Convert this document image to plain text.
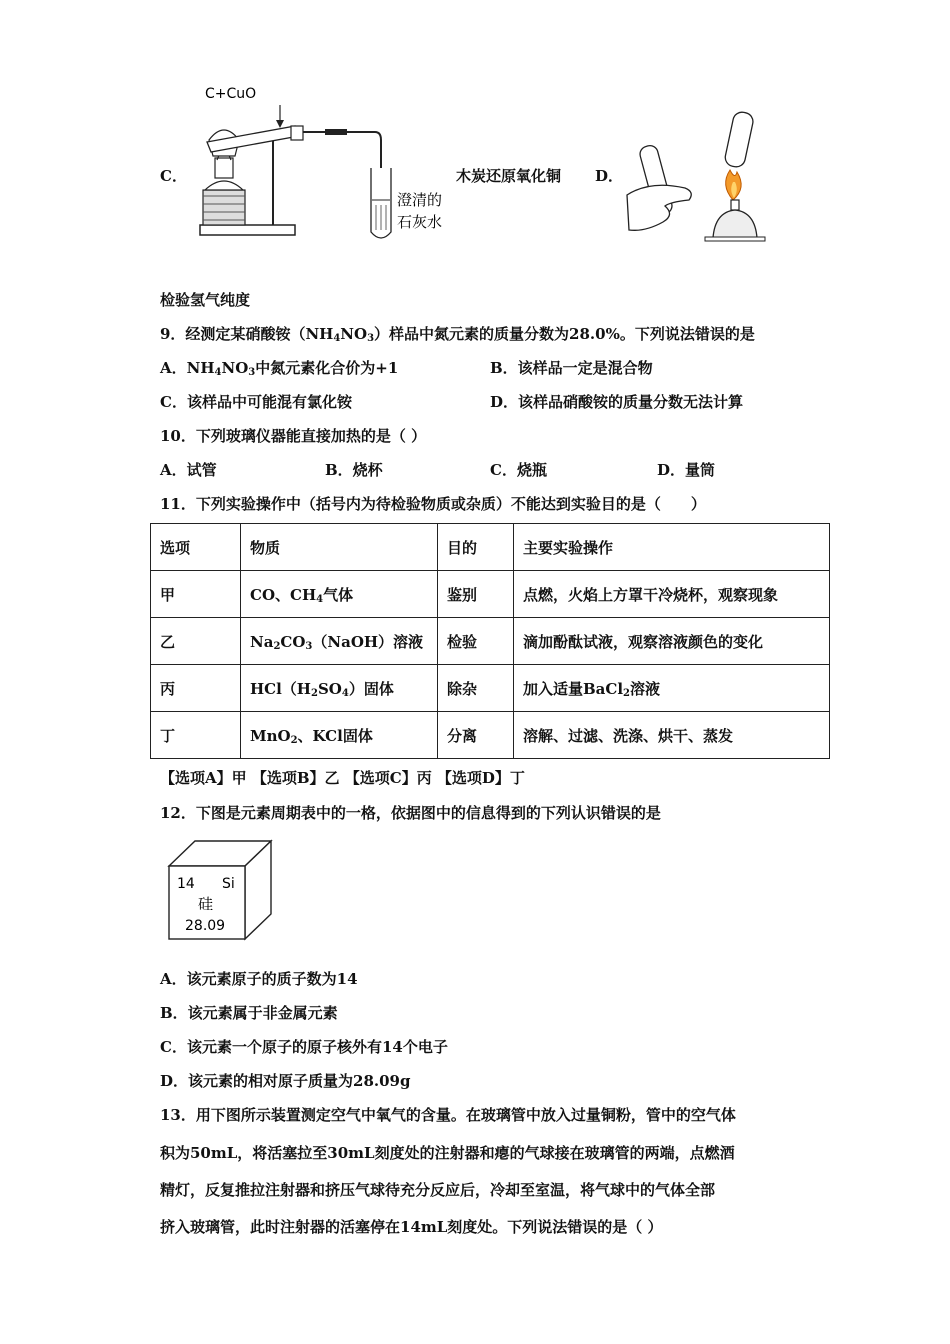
C．
C+CuO
澄清的
石灰水
木炭还原氧化铜 D．
检验氢气纯度
9．经测定某硝酸铵$(NH_4NO_3)$样品中氮元素的质量分数为28.0%。下列说法错误的是
A．$NH_4NO_3$中氮元素化合价为+1	B．该样品一定是混合物
C．该样品中可能混有氯化铵	D．该样品硝酸铵的质量分数无法计算
10．下列玻璃仪器能直接加热的是（ ）
A．试管	B．烧杯	C．烧瓶	D．量筒
11．下列实验操作中（括号内为待检验物质或杂质）不能达到实验目的是（　　）
选项	物质	目的	主要实验操作
甲	CO、$CH_4$气体	鉴别	点燃，火焰上方罩干冷烧杯，观察现象
乙	$Na_2CO_3(NaOH)$溶液	检验	滴加酚酞试液，观察溶液颜色的变化
丙	$HCl(H_2SO_4)$固体	除杂	加入适量BaCl$_2$溶液
丁	MnO$_2$、KCl固体	分离	溶解、过滤、洗涤、烘干、蒸发
【选项A】甲 【选项B】乙 【选项C】丙 【选项D】丁
12．下图是元素周期表中的一格，依据图中的信息得到的下列认识错误的是
14 Si
硅
28.09
A．该元素原子的质子数为14
B．该元素属于非金属元素
C．该元素一个原子的原子核外有14个电子
D．该元素的相对原子质量为28.09g
13．用下图所示装置测定空气中氧气的含量。在玻璃管中放入过量铜粉，管中的空气体
积为50mL，将活塞拉至30mL刻度处的注射器和瘪的气球接在玻璃管的两端，点燃酒
精灯，反复推拉注射器和挤压气球待充分反应后，冷却至室温，将气球中的气体全部
挤入玻璃管，此时注射器的活塞停在14mL刻度处。下列说法错误的是（ ）
